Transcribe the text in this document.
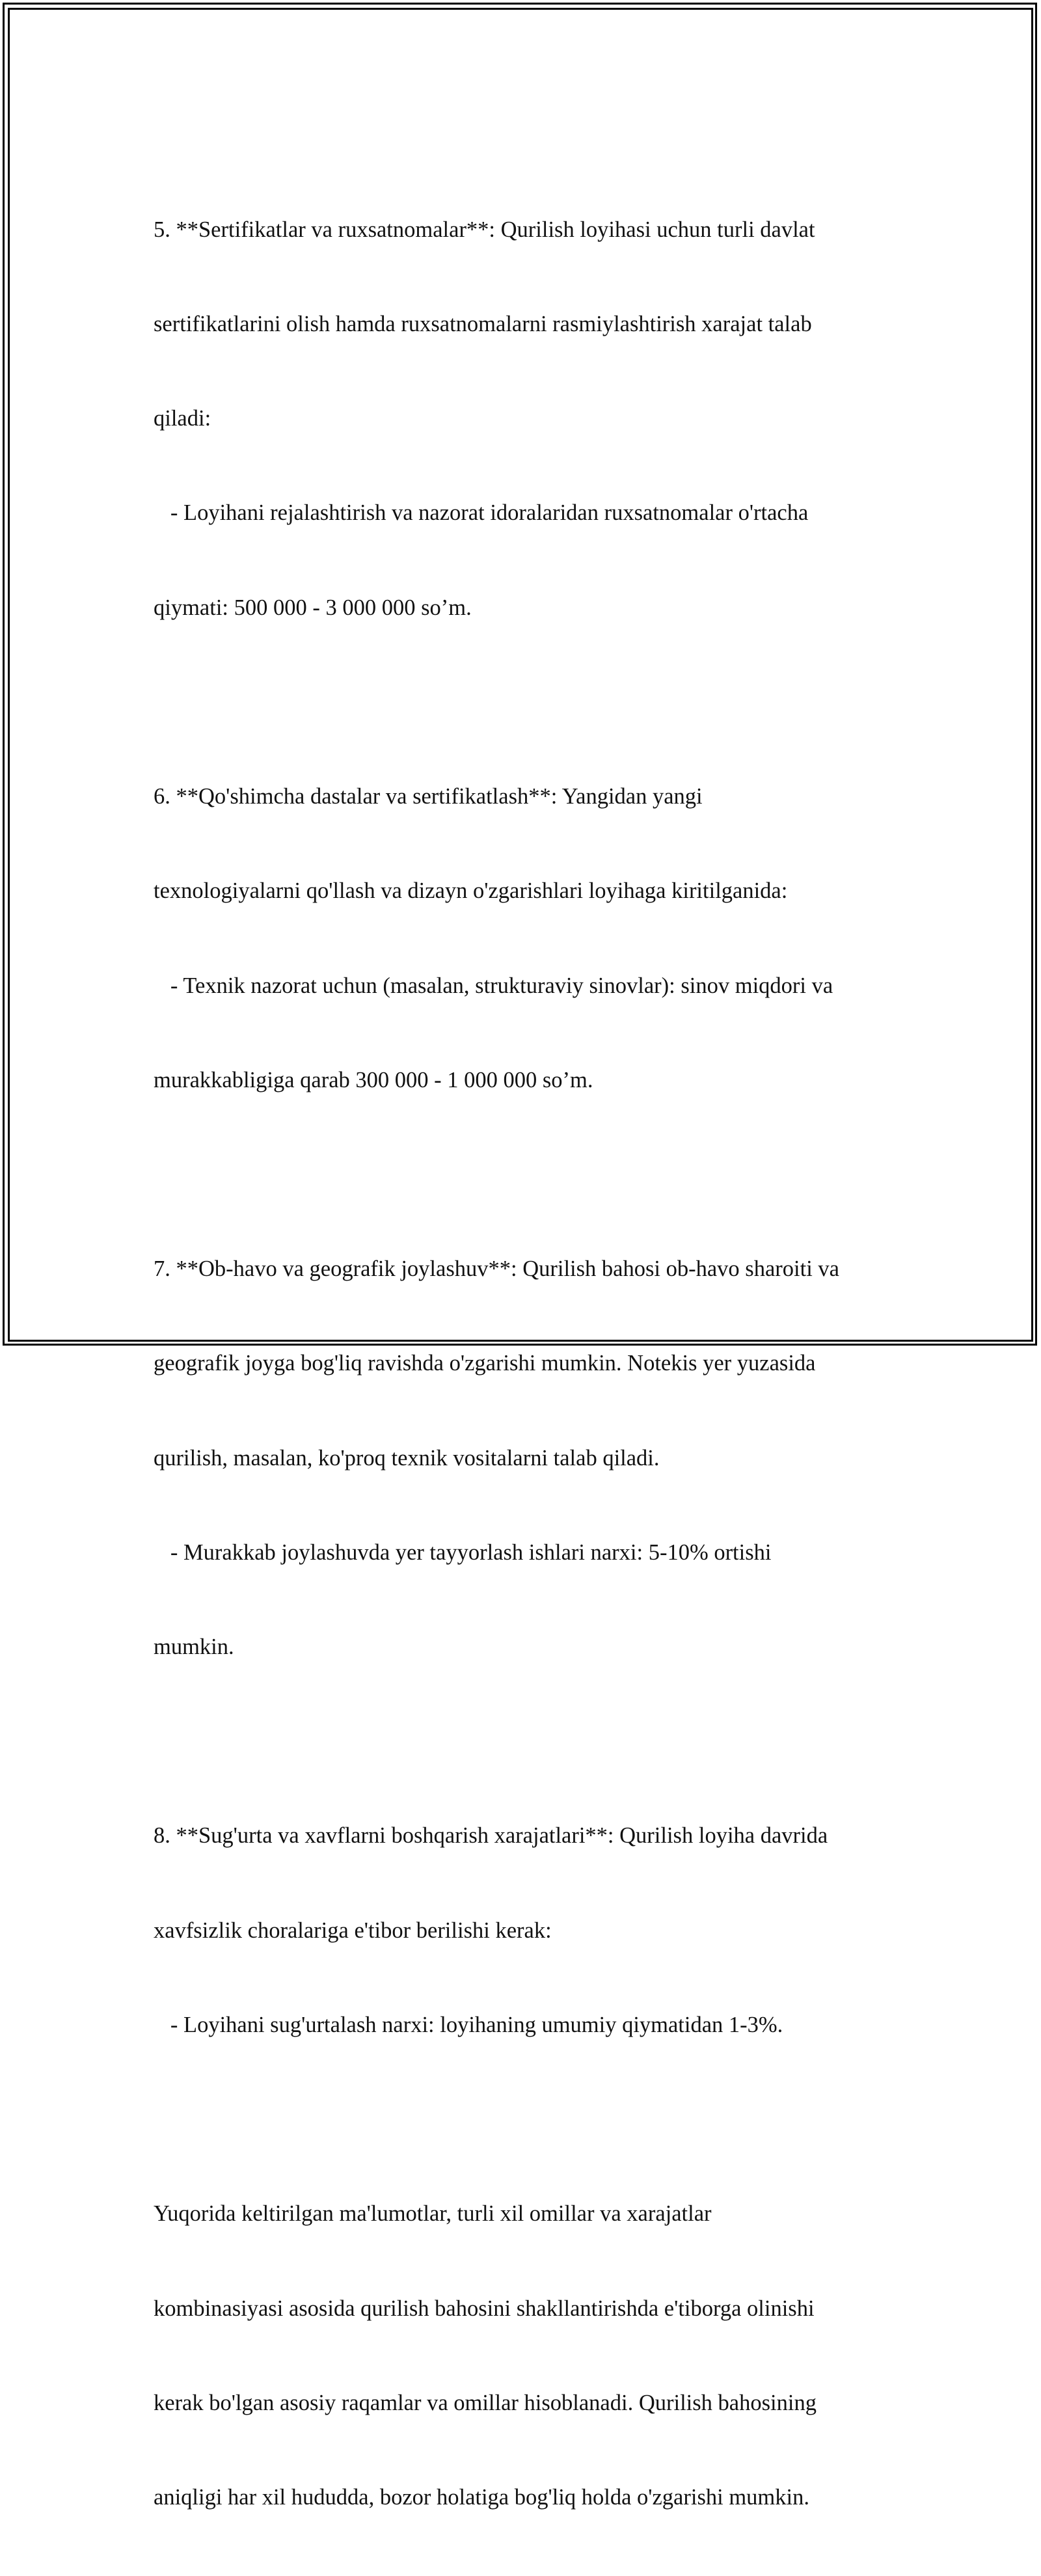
5. **Sertifikatlar va ruxsatnomalar**: Qurilish loyihasi uchun turli davlat

sertifikatlarini olish hamda ruxsatnomalarni rasmiylashtirish xarajat talab

qiladi:

- Loyihani rejalashtirish va nazorat idoralaridan ruxsatnomalar o'rtacha

qiymati: 500 000 - 3 000 000 so’m.

6. **Qo'shimcha dastalar va sertifikatlash**: Yangidan yangi

texnologiyalarni qo'llash va dizayn o'zgarishlari loyihaga kiritilganida:

- Texnik nazorat uchun (masalan, strukturaviy sinovlar): sinov miqdori va

murakkabligiga qarab 300 000 - 1 000 000 so’m.

7. **Ob-havo va geografik joylashuv**: Qurilish bahosi ob-havo sharoiti va

geografik joyga bog'liq ravishda o'zgarishi mumkin. Notekis yer yuzasida

qurilish, masalan, ko'proq texnik vositalarni talab qiladi.

- Murakkab joylashuvda yer tayyorlash ishlari narxi: 5-10% ortishi

mumkin.

8. **Sug'urta va xavflarni boshqarish xarajatlari**: Qurilish loyiha davrida

xavfsizlik choralariga e'tibor berilishi kerak:

- Loyihani sug'urtalash narxi: loyihaning umumiy qiymatidan 1-3%.

Yuqorida keltirilgan ma'lumotlar, turli xil omillar va xarajatlar

kombinasiyasi asosida qurilish bahosini shakllantirishda e'tiborga olinishi

kerak bo'lgan asosiy raqamlar va omillar hisoblanadi. Qurilish bahosining

aniqligi har xil hududda, bozor holatiga bog'liq holda o'zgarishi mumkin.
